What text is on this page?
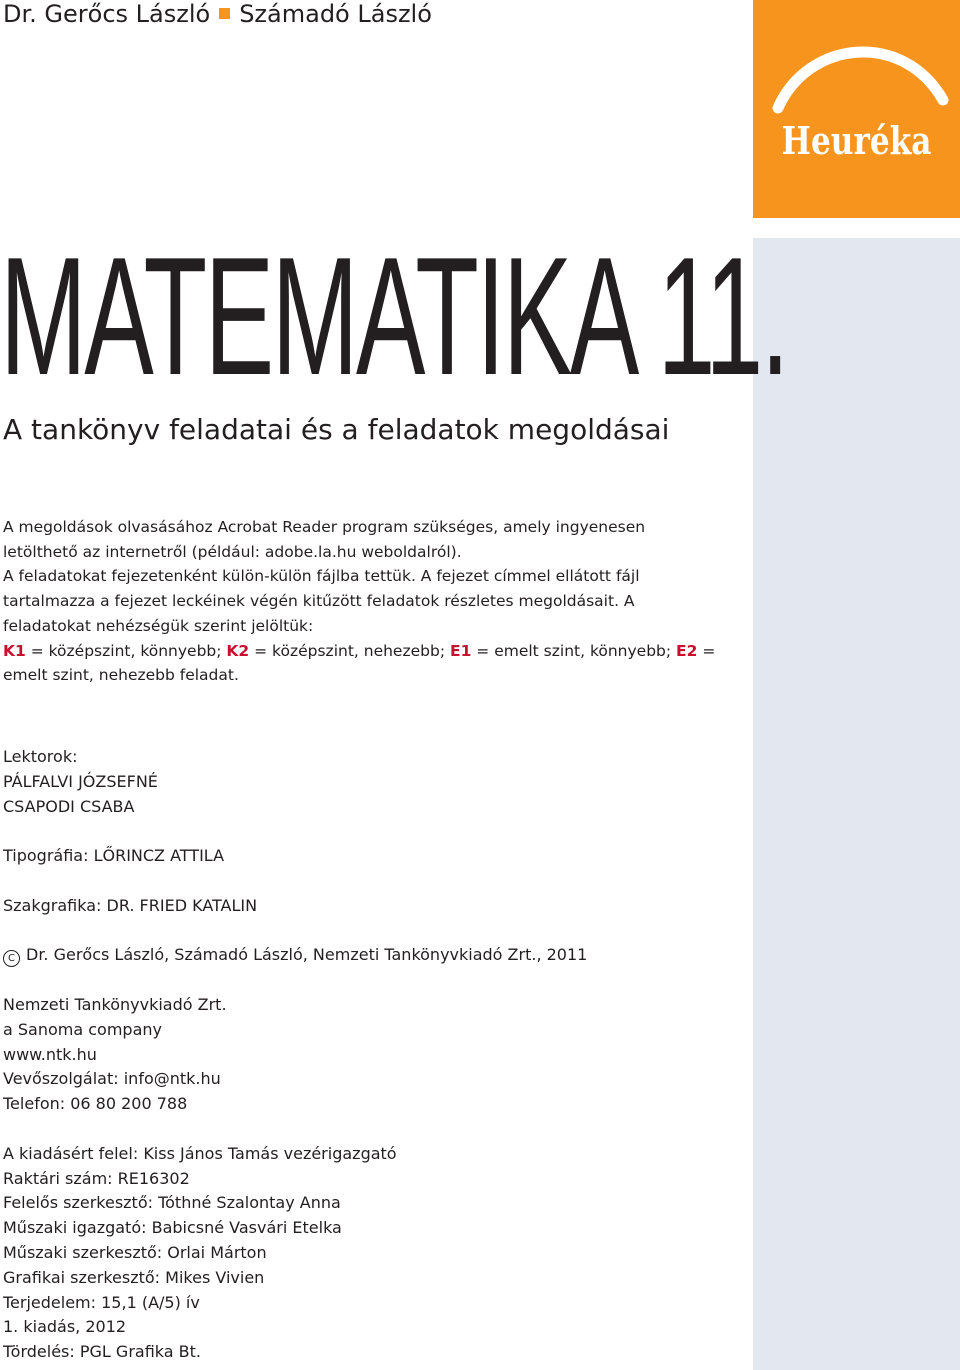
Dr. Gerőcs László Számadó László
Heuréka
MATEMATIKA 11.
A tankönyv feladatai és a feladatok megoldásai

A megoldások olvasásához Acrobat Reader program szükséges, amely ingyenesen letölthető az internetről (például: adobe.la.hu weboldalról).

A feladatokat fejezetenként külön-külön fájlba tettük. A fejezet címmel ellátott fájl tartalmazza a fejezet leckéinek végén kitűzött feladatok részletes megoldásait. A feladatokat nehézségük szerint jelöltük:
K1 = középszint, könnyebb; K2 = középszint, nehezebb; E1 = emelt szint, könnyebb; E2 = emelt szint, nehezebb feladat.

Lektorok:
PÁLFALVI JÓZSEFNÉ
CSAPODI CSABA
Tipográfia: LŐRINCZ ATTILA
Szakgrafika: DR. FRIED KATALIN
C Dr. Gerőcs László, Számadó László, Nemzeti Tankönyvkiadó Zrt., 2011
Nemzeti Tankönyvkiadó Zrt.
a Sanoma company
www.ntk.hu
Vevőszolgálat: info@ntk.hu
Telefon: 06 80 200 788
A kiadásért felel: Kiss János Tamás vezérigazgató
Raktári szám: RE16302
Felelős szerkesztő: Tóthné Szalontay Anna
Műszaki igazgató: Babicsné Vasvári Etelka
Műszaki szerkesztő: Orlai Márton
Grafikai szerkesztő: Mikes Vivien
Terjedelem: 15,1 (A/5) ív
1. kiadás, 2012
Tördelés: PGL Grafika Bt.
